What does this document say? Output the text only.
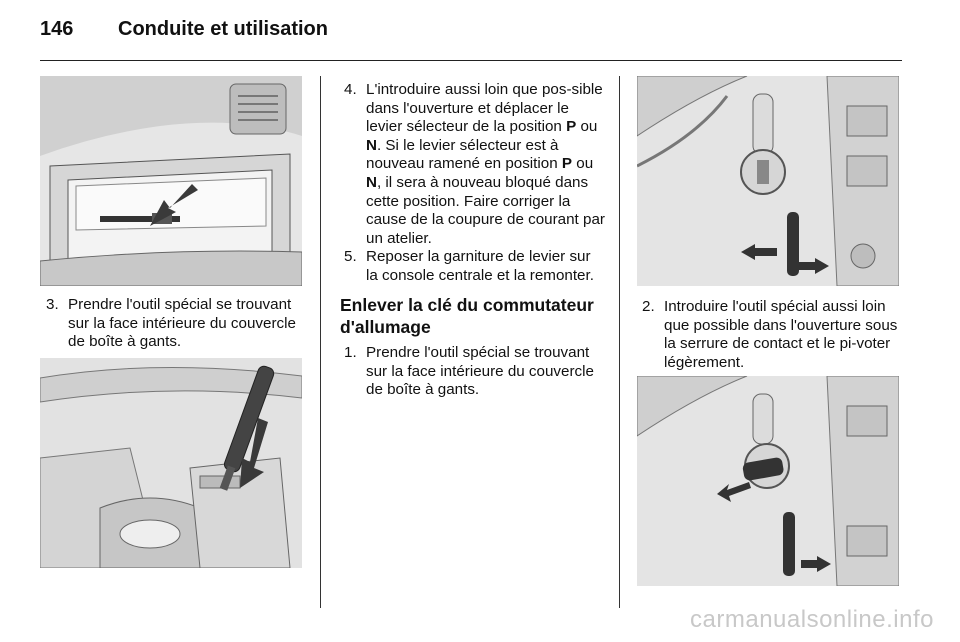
146 Conduite et utilisation
3. Prendre l'outil spécial se trouvant sur la face intérieure du couvercle de boîte à gants.
4. L'introduire aussi loin que pos-sible dans l'ouverture et déplacer le levier sélecteur de la position P ou N. Si le levier sélecteur est à nouveau ramené en position P ou N, il sera à nouveau bloqué dans cette position. Faire corriger la cause de la coupure de courant par un atelier.
5. Reposer la garniture de levier sur la console centrale et la remonter.
Enlever la clé du commutateur d'allumage
1. Prendre l'outil spécial se trouvant sur la face intérieure du couvercle de boîte à gants.
2. Introduire l'outil spécial aussi loin que possible dans l'ouverture sous la serrure de contact et le pi-voter légèrement.
carmanualsonline.info
